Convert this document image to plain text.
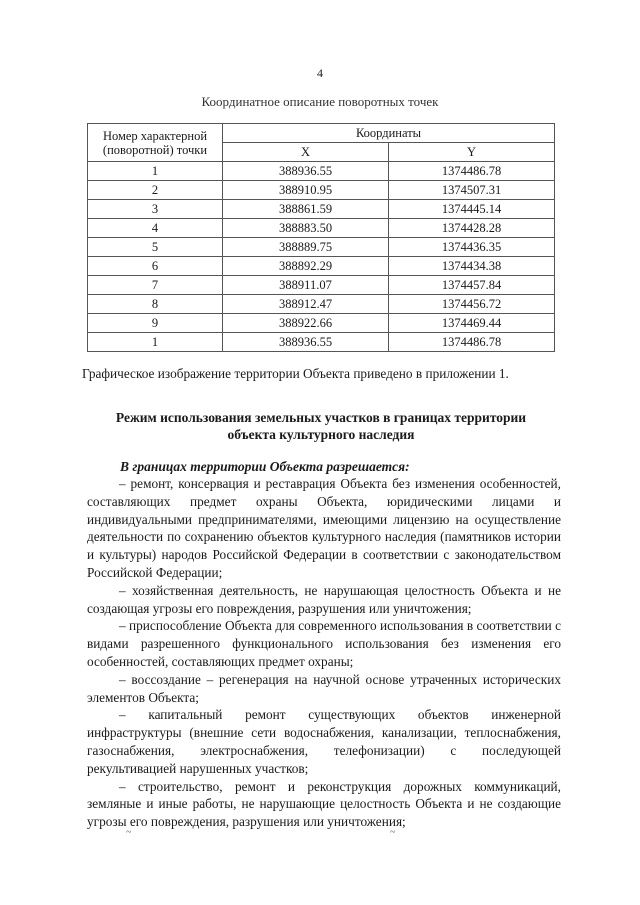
4
Координатное описание поворотных точек
Номер характерной
(поворотной) точки	Координаты	
	X	Y
1	388936.55	1374486.78
2	388910.95	1374507.31
3	388861.59	1374445.14
4	388883.50	1374428.28
5	388889.75	1374436.35
6	388892.29	1374434.38
7	388911.07	1374457.84
8	388912.47	1374456.72
9	388922.66	1374469.44
1	388936.55	1374486.78
Графическое изображение территории Объекта приведено в приложении 1.
Режим использования земельных участков в границах территории
объекта культурного наследия
В границах территории Объекта разрешается:

– ремонт, консервация и реставрация Объекта без изменения особенностей, составляющих предмет охраны Объекта, юридическими лицами и индивидуальными предпринимателями, имеющими лицензию на осуществление деятельности по сохранению объектов культурного наследия (памятников истории и культуры) народов Российской Федерации в соответствии с законодательством Российской Федерации;

– хозяйственная деятельность, не нарушающая целостность Объекта и не создающая угрозы его повреждения, разрушения или уничтожения;

– приспособление Объекта для современного использования в соответствии с видами разрешенного функционального использования без изменения его особенностей, составляющих предмет охраны;

– воссоздание – регенерация на научной основе утраченных исторических элементов Объекта;

– капитальный ремонт существующих объектов инженерной инфраструктуры (внешние сети водоснабжения, канализации, теплоснабжения, газоснабжения, электроснабжения, телефонизации) с последующей рекультивацией нарушенных участков;

– строительство, ремонт и реконструкция дорожных коммуникаций, земляные и иные работы, не нарушающие целостность Объекта и не создающие угрозы его повреждения, разрушения или уничтожения;

~	~
